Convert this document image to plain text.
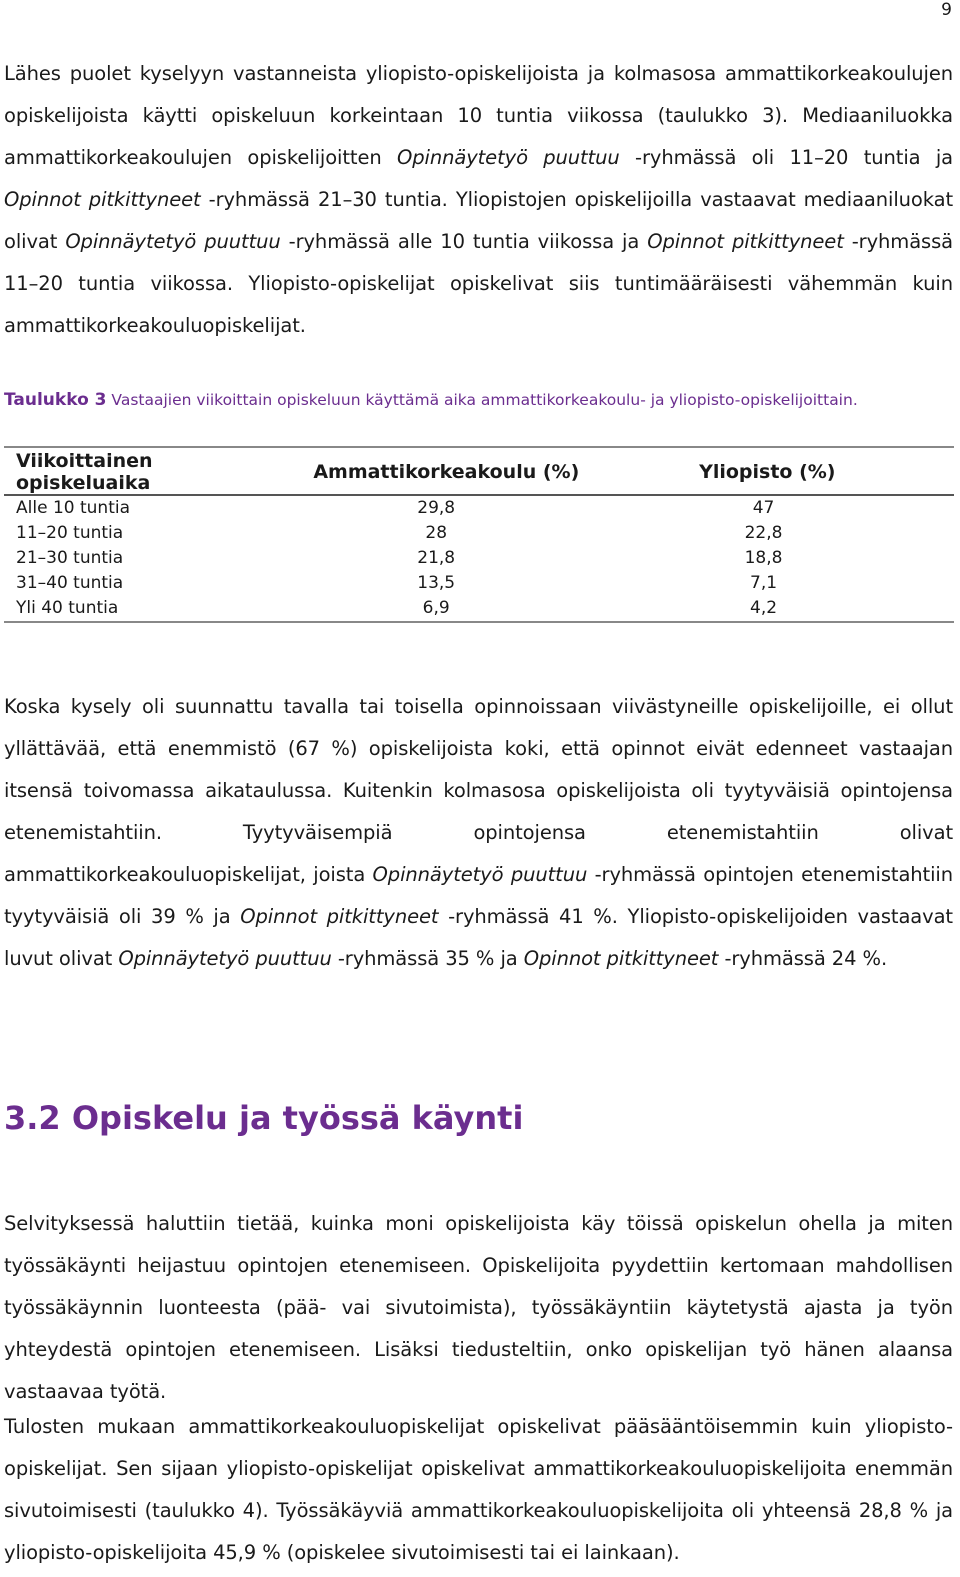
9

Lähes puolet kyselyyn vastanneista yliopisto-opiskelijoista ja kolmasosa ammattikorkeakoulujen opiskelijoista käytti opiskeluun korkeintaan 10 tuntia viikossa (taulukko 3). Mediaaniluokka ammattikorkeakoulujen opiskelijoitten Opinnäytetyö puuttuu -ryhmässä oli 11–20 tuntia ja Opinnot pitkittyneet -ryhmässä 21–30 tuntia. Yliopistojen opiskelijoilla vastaavat mediaaniluokat olivat Opinnäytetyö puuttuu -ryhmässä alle 10 tuntia viikossa ja Opinnot pitkittyneet -ryhmässä 11–20 tuntia viikossa. Yliopisto-opiskelijat opiskelivat siis tuntimääräisesti vähemmän kuin ammattikorkeakouluopiskelijat.

Taulukko 3 Vastaajien viikoittain opiskeluun käyttämä aika ammattikorkeakoulu- ja yliopisto-opiskelijoittain.
Viikoittainen opiskeluaika	Ammattikorkeakoulu (%)	Yliopisto (%)
Alle 10 tuntia	29,8	47
11–20 tuntia	28	22,8
21–30 tuntia	21,8	18,8
31–40 tuntia	13,5	7,1
Yli 40 tuntia	6,9	4,2

Koska kysely oli suunnattu tavalla tai toisella opinnoissaan viivästyneille opiskelijoille, ei ollut yllättävää, että enemmistö (67 %) opiskelijoista koki, että opinnot eivät edenneet vastaajan itsensä toivomassa aikataulussa. Kuitenkin kolmasosa opiskelijoista oli tyytyväisiä opintojensa etenemistahtiin. Tyytyväisempiä opintojensa etenemistahtiin olivat ammattikorkeakouluopiskelijat, joista Opinnäytetyö puuttuu -ryhmässä opintojen etenemistahtiin tyytyväisiä oli 39 % ja Opinnot pitkittyneet -ryhmässä 41 %. Yliopisto-opiskelijoiden vastaavat luvut olivat Opinnäytetyö puuttuu -ryhmässä 35 % ja Opinnot pitkittyneet -ryhmässä 24 %.

3.2 Opiskelu ja työssä käynti

Selvityksessä haluttiin tietää, kuinka moni opiskelijoista käy töissä opiskelun ohella ja miten työssäkäynti heijastuu opintojen etenemiseen. Opiskelijoita pyydettiin kertomaan mahdollisen työssäkäynnin luonteesta (pää- vai sivutoimista), työssäkäyntiin käytetystä ajasta ja työn yhteydestä opintojen etenemiseen. Lisäksi tiedusteltiin, onko opiskelijan työ hänen alaansa vastaavaa työtä.

Tulosten mukaan ammattikorkeakouluopiskelijat opiskelivat pääsääntöisemmin kuin yliopisto-opiskelijat. Sen sijaan yliopisto-opiskelijat opiskelivat ammattikorkeakouluopiskelijoita enemmän sivutoimisesti (taulukko 4). Työssäkäyviä ammattikorkeakouluopiskelijoita oli yhteensä 28,8 % ja yliopisto-opiskelijoita 45,9 % (opiskelee sivutoimisesti tai ei lainkaan).
